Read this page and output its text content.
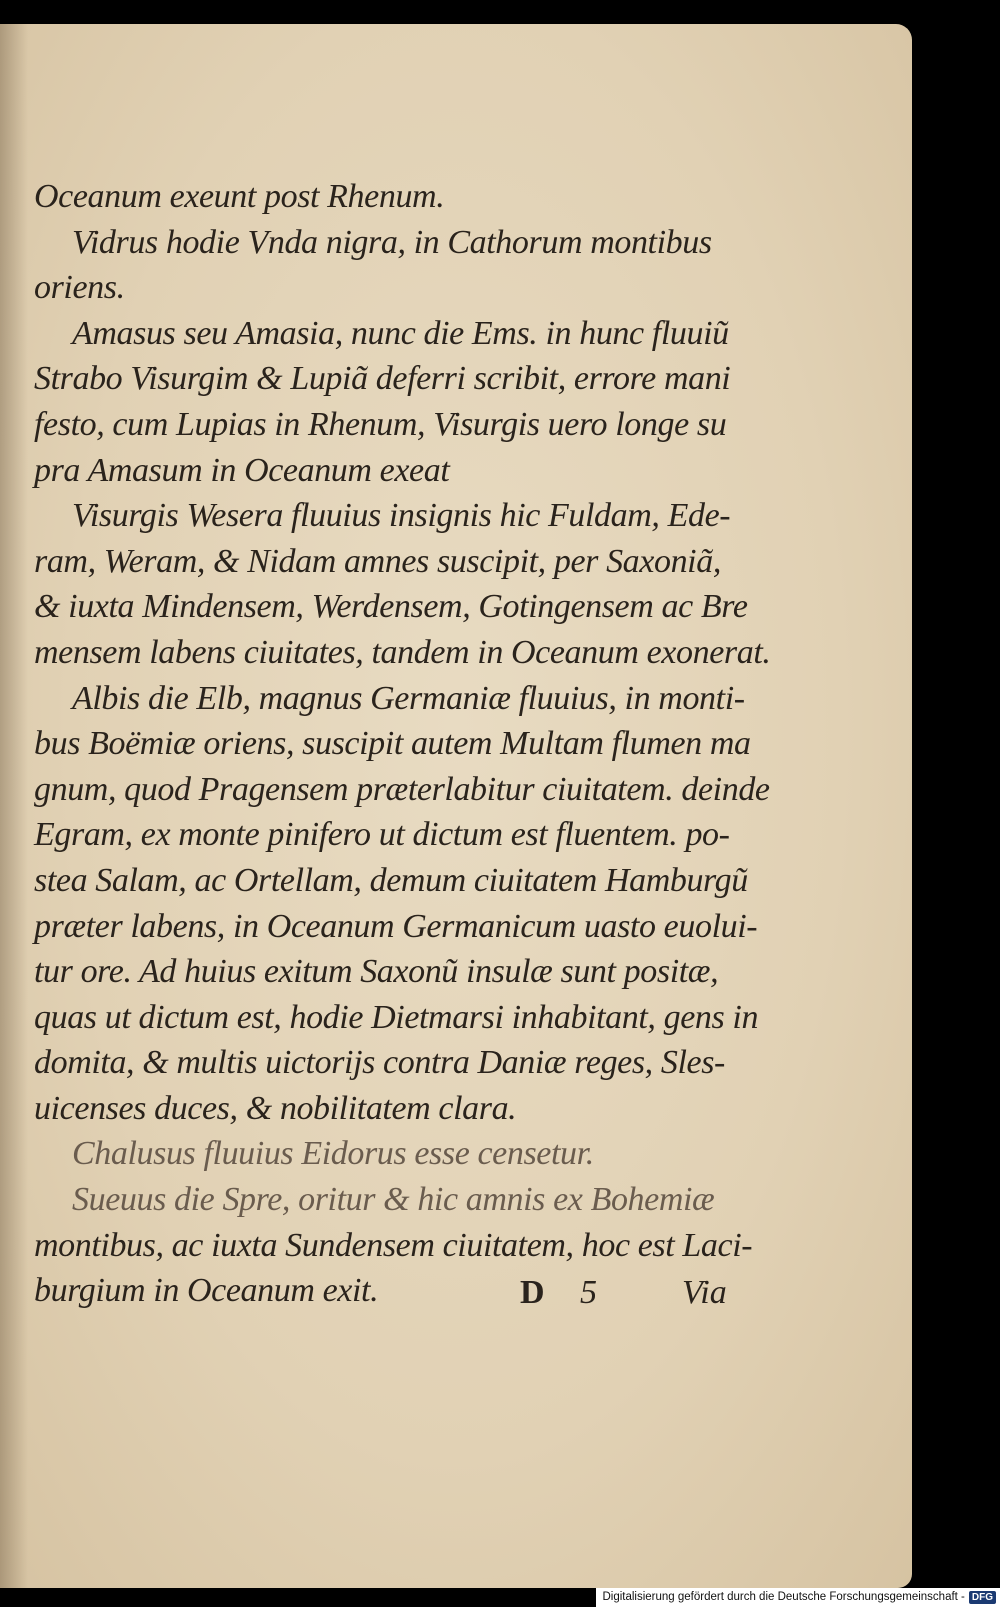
Oceanum exeunt post Rhenum.
Vidrus hodie Vnda nigra, in Cathorum montibus
oriens.
Amasus seu Amasia, nunc die Ems. in hunc fluuiũ
Strabo Visurgim & Lupiã deferri scribit, errore mani
festo, cum Lupias in Rhenum, Visurgis uero longe su
pra Amasum in Oceanum exeat
Visurgis Wesera fluuius insignis hic Fuldam, Ede-
ram, Weram, & Nidam amnes suscipit, per Saxoniã,
& iuxta Mindensem, Werdensem, Gotingensem ac Bre
mensem labens ciuitates, tandem in Oceanum exonerat.
Albis die Elb, magnus Germaniæ fluuius, in monti-
bus Boëmiæ oriens, suscipit autem Multam flumen ma
gnum, quod Pragensem præterlabitur ciuitatem. deinde
Egram, ex monte pinifero ut dictum est fluentem. po-
stea Salam, ac Ortellam, demum ciuitatem Hamburgũ
præter labens, in Oceanum Germanicum uasto euolui-
tur ore. Ad huius exitum Saxonũ insulæ sunt positæ,
quas ut dictum est, hodie Dietmarsi inhabitant, gens in
domita, & multis uictorijs contra Daniæ reges, Sles-
uicenses duces, & nobilitatem clara.
Chalusus fluuius Eidorus esse censetur.
Sueuus die Spre, oritur & hic amnis ex Bohemiæ
montibus, ac iuxta Sundensem ciuitatem, hoc est Laci-
burgium in Oceanum exit.	D 5	Via
Digitalisierung gefördert durch die Deutsche Forschungsgemeinschaft - DFG
